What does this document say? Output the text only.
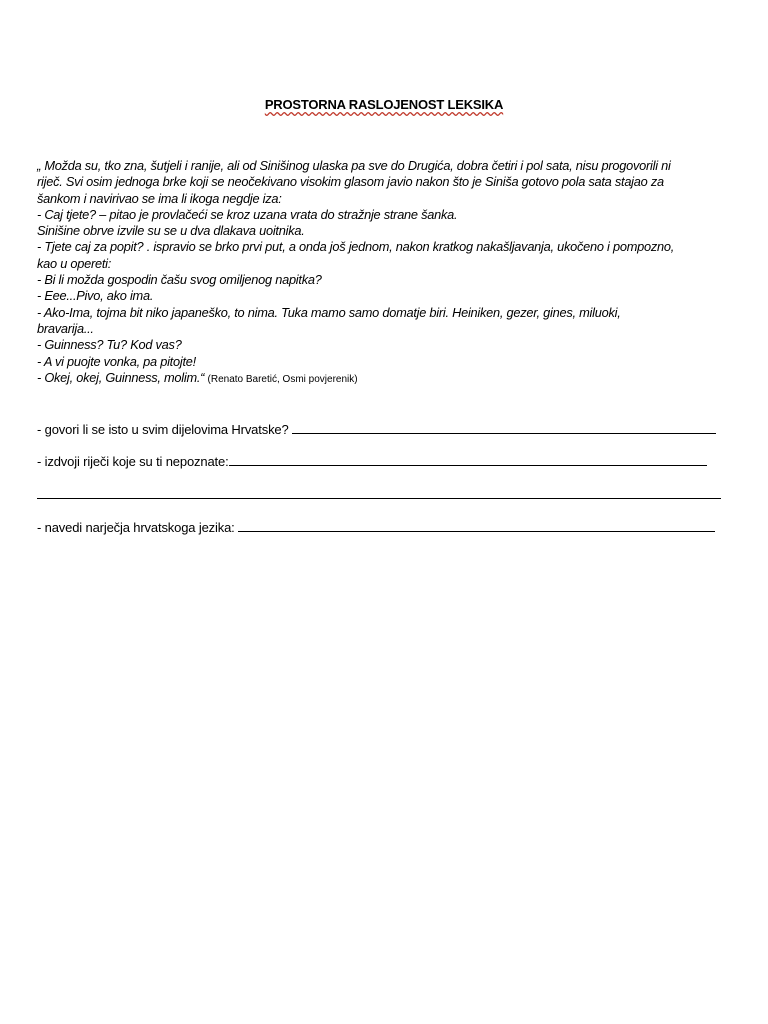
PROSTORNA RASLOJENOST LEKSIKA
„ Možda su, tko zna, šutjeli i ranije, ali od Sinišinog ulaska pa sve do Drugića, dobra četiri i pol sata, nisu progovorili ni
riječ. Svi osim jednoga brke koji se neočekivano visokim glasom javio nakon što je Siniša gotovo pola sata stajao za
šankom i navirivao se ima li ikoga negdje iza:
- Caj tjete? – pitao je provlačeći se kroz uzana vrata do stražnje strane šanka.
Sinišine obrve izvile su se u dva dlakava uoitnika.
- Tjete caj za popit? . ispravio se brko prvi put, a onda još jednom, nakon kratkog nakašljavanja, ukočeno i pompozno,
kao u opereti:
- Bi li možda gospodin čašu svog omiljenog napitka?
- Eee...Pivo, ako ima.
- Ako-Ima, tojma bit niko japaneško, to nima. Tuka mamo samo domatje biri. Heiniken, gezer, gines, miluoki,
bravarija...
- Guinness? Tu? Kod vas?
- A vi puojte vonka, pa pitojte!
- Okej, okej, Guinness, molim.“ (Renato Baretić, Osmi povjerenik)
- govori li se isto u svim dijelovima Hrvatske?
- izdvoji riječi koje su ti nepoznate:
- navedi narječja hrvatskoga jezika:
